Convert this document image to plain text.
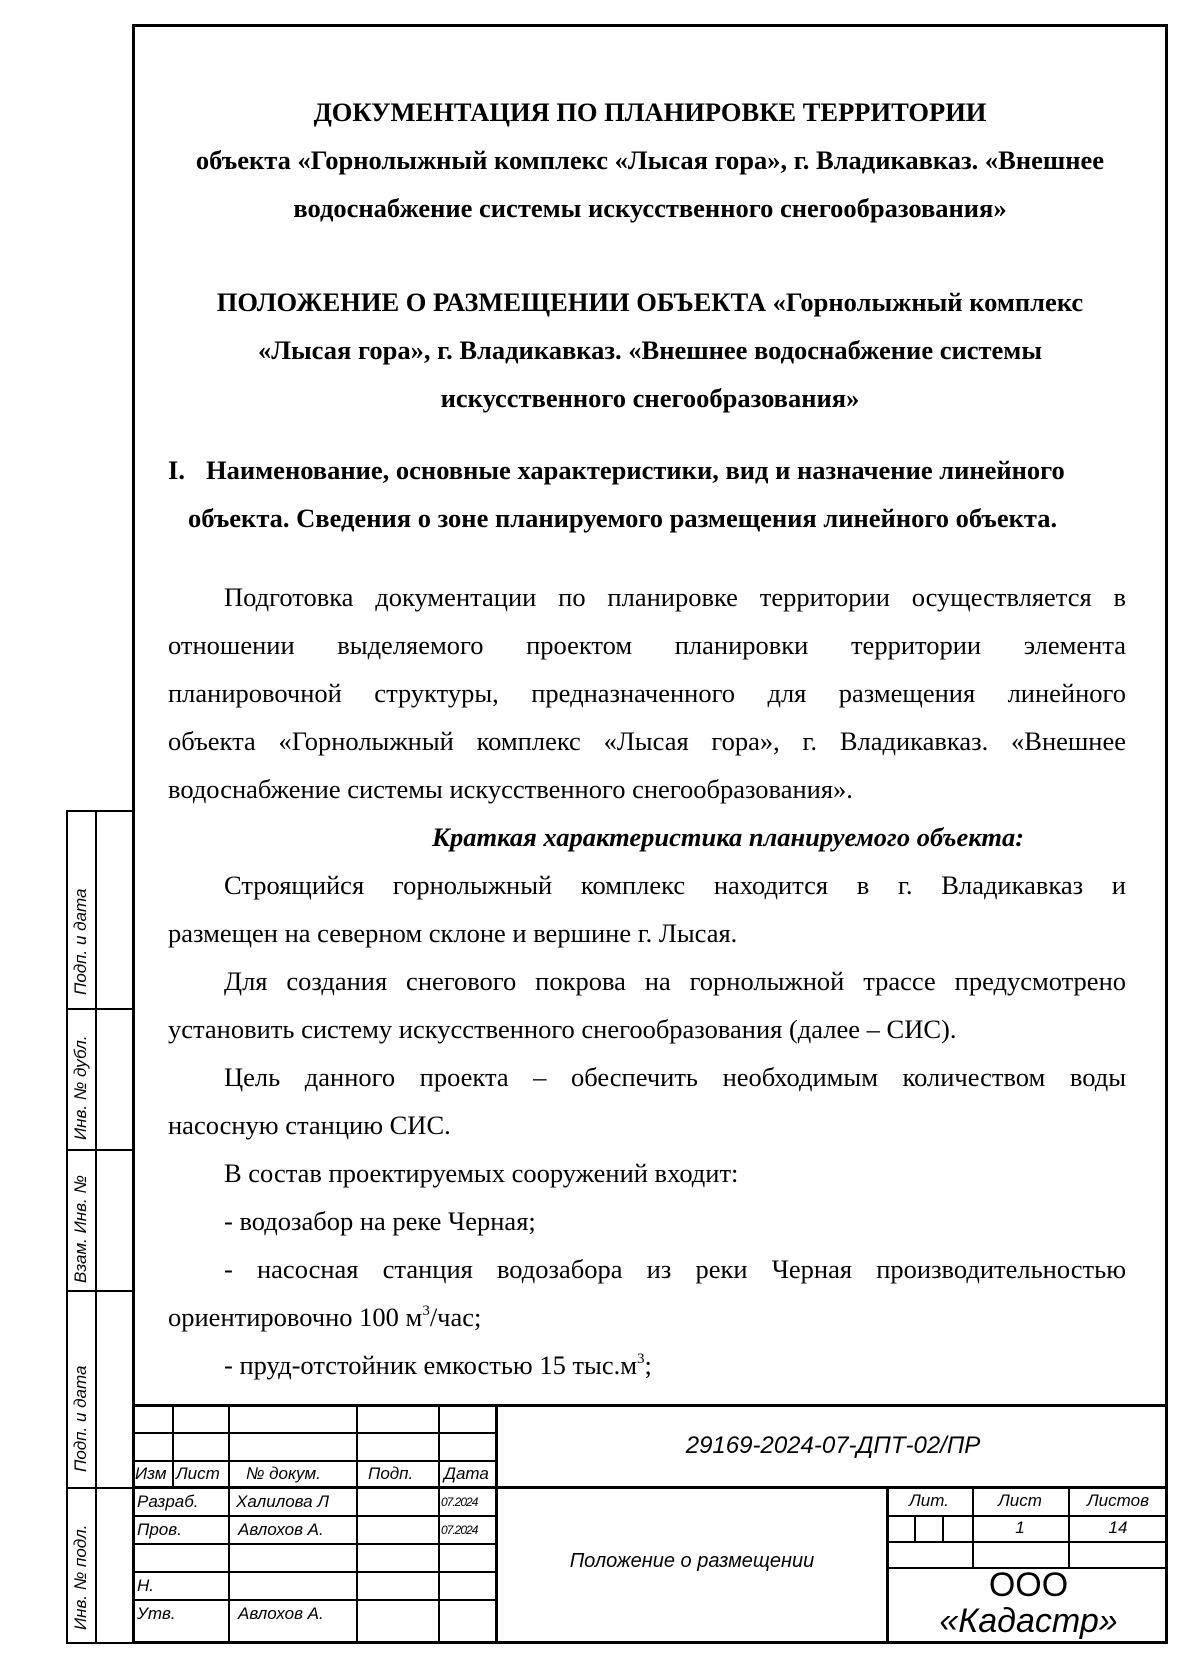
ДОКУМЕНТАЦИЯ ПО ПЛАНИРОВКЕ ТЕРРИТОРИИ
объекта «Горнолыжный комплекс «Лысая гора», г. Владикавказ. «Внешнее
водоснабжение системы искусственного снегообразования»
ПОЛОЖЕНИЕ О РАЗМЕЩЕНИИ ОБЪЕКТА «Горнолыжный комплекс
«Лысая гора», г. Владикавказ. «Внешнее водоснабжение системы
искусственного снегообразования»
I. Наименование, основные характеристики, вид и назначение линейного
объекта. Сведения о зоне планируемого размещения линейного объекта.
Подготовка документации по планировке территории осуществляется в
отношении выделяемого проектом планировки территории элемента
планировочной структуры, предназначенного для размещения линейного
объекта «Горнолыжный комплекс «Лысая гора», г. Владикавказ. «Внешнее
водоснабжение системы искусственного снегообразования».
Краткая характеристика планируемого объекта:
Строящийся горнолыжный комплекс находится в г. Владикавказ и
размещен на северном склоне и вершине г. Лысая.
Для создания снегового покрова на горнолыжной трассе предусмотрено
установить систему искусственного снегообразования (далее – СИС).
Цель данного проекта – обеспечить необходимым количеством воды
насосную станцию СИС.
В состав проектируемых сооружений входит:
- водозабор на реке Черная;
- насосная станция водозабора из реки Черная производительностью
ориентировочно 100 $м^3$/час;
- пруд-отстойник емкостью 15 $тыс.м^3$;
Подп. и дата
Инв. № дубл.
Взам. Инв. №
Подп. и дата
Инв. № подл.
Изм Лист № докум.	Подп. Дата
Разраб. Халилова Л	07.2024
Пров.	Авлохов А.	07.2024
Н.
Утв.	Авлохов А.
29169-2024-07-ДПТ-02/ПР
Положение о размещении
Лит.	Лист	Листов
1	14
ООО
«Кадастр»
